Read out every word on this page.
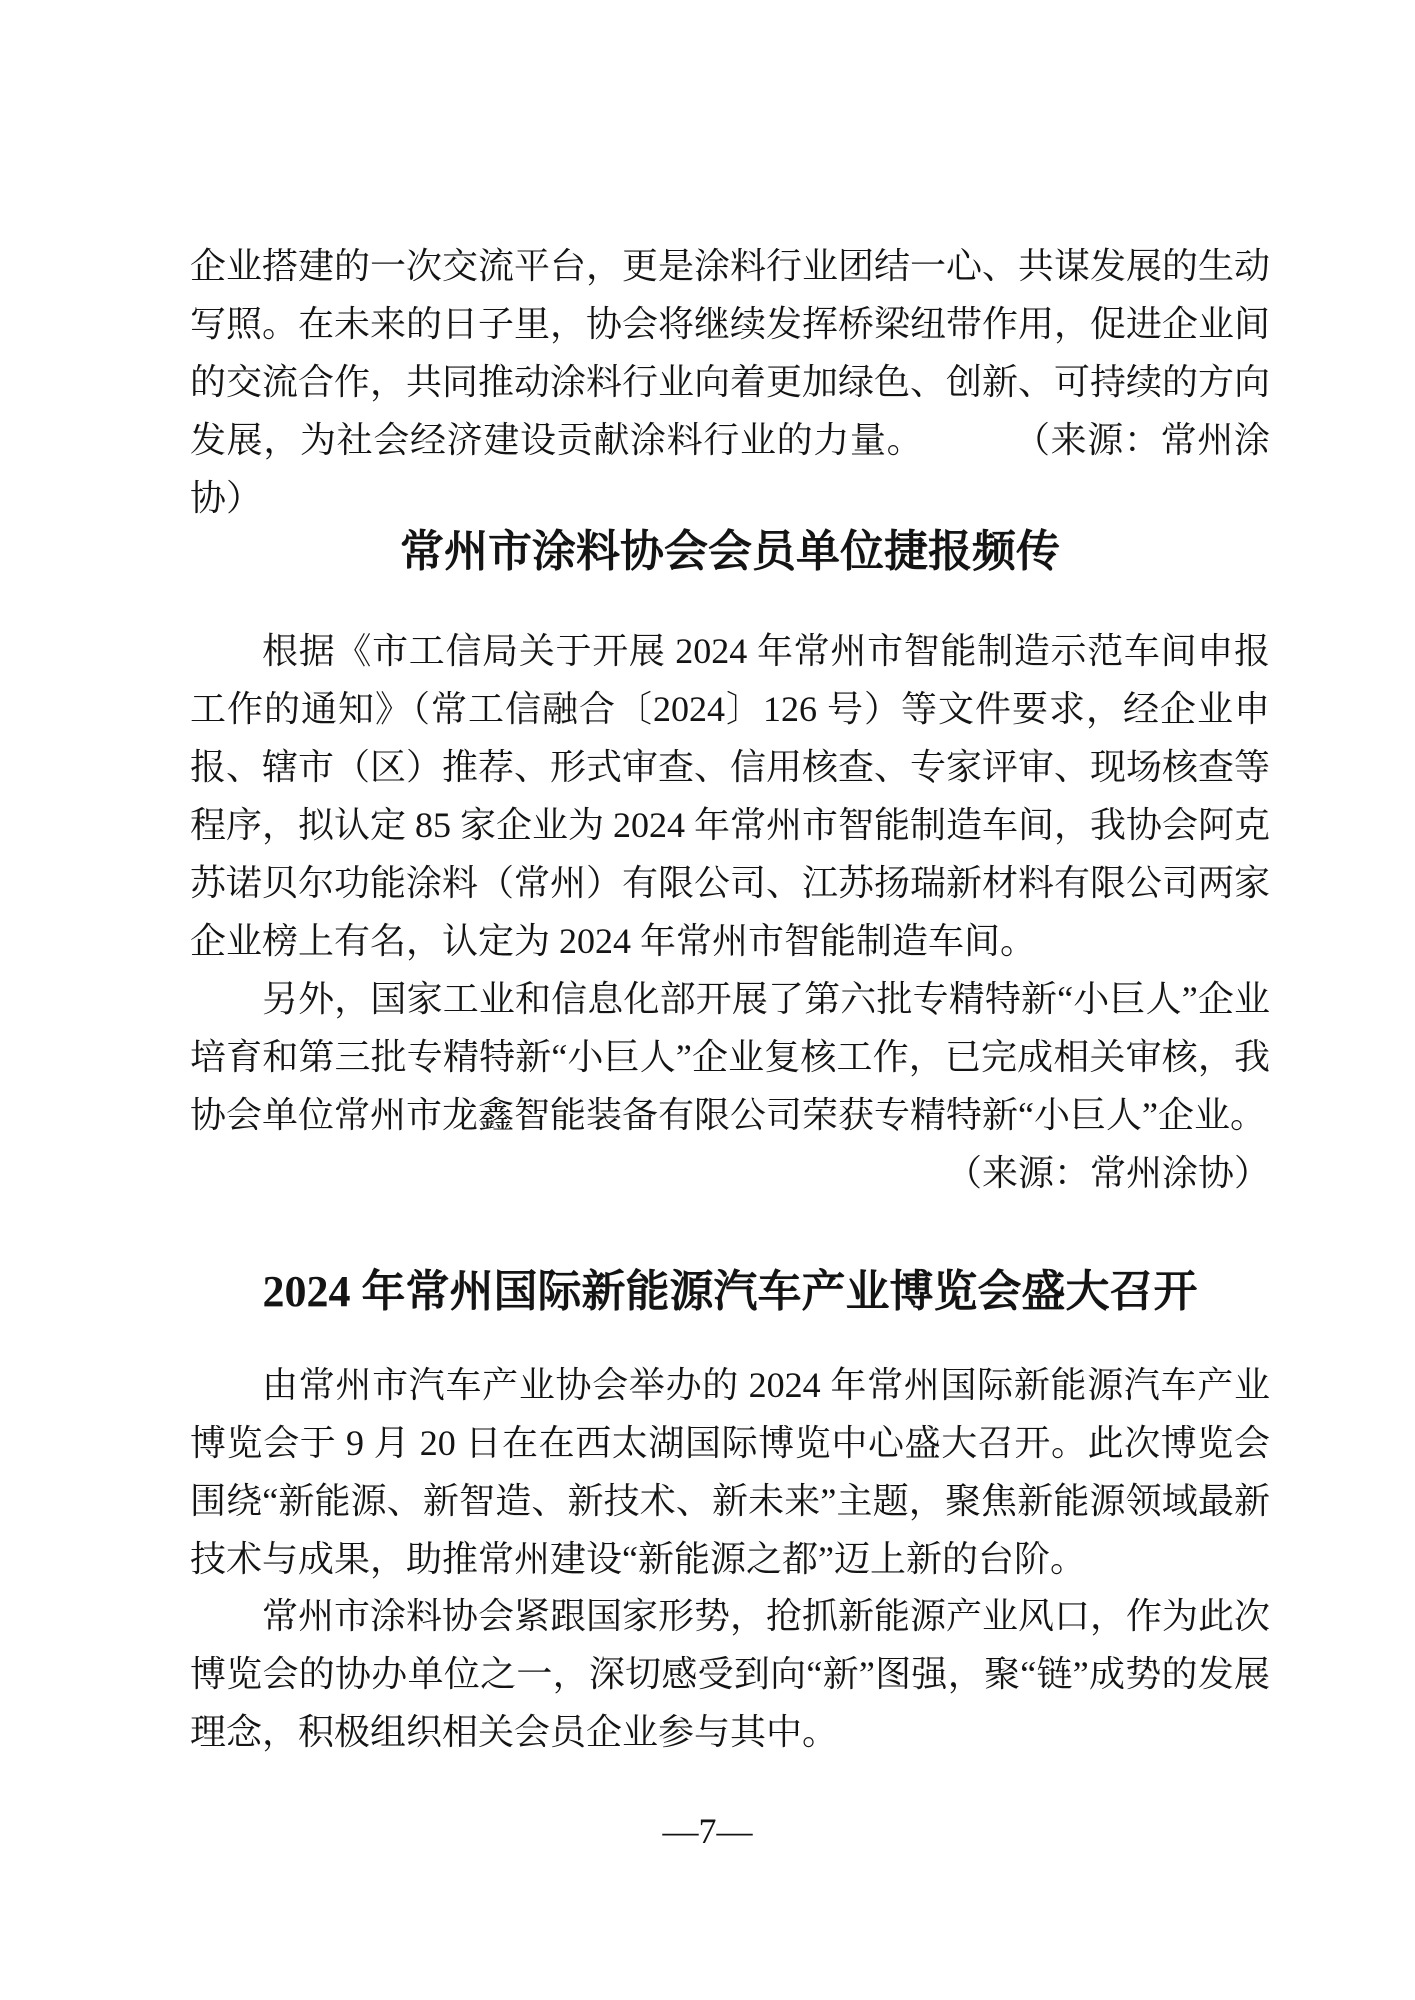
企业搭建的一次交流平台，更是涂料行业团结一心、共谋发展的生动写照。在未来的日子里，协会将继续发挥桥梁纽带作用，促进企业间的交流合作，共同推动涂料行业向着更加绿色、创新、可持续的方向发展，为社会经济建设贡献涂料行业的力量。	（来源：常州涂协）

常州市涂料协会会员单位捷报频传

根据《市工信局关于开展 2024 年常州市智能制造示范车间申报工作的通知》（常工信融合〔2024〕126 号）等文件要求，经企业申报、辖市（区）推荐、形式审查、信用核查、专家评审、现场核查等程序，拟认定 85 家企业为 2024 年常州市智能制造车间，我协会阿克苏诺贝尔功能涂料（常州）有限公司、江苏扬瑞新材料有限公司两家企业榜上有名，认定为 2024 年常州市智能制造车间。

另外，国家工业和信息化部开展了第六批专精特新“小巨人”企业培育和第三批专精特新“小巨人”企业复核工作，已完成相关审核，我协会单位常州市龙鑫智能装备有限公司荣获专精特新“小巨人”企业。

（来源：常州涂协）

2024 年常州国际新能源汽车产业博览会盛大召开

由常州市汽车产业协会举办的 2024 年常州国际新能源汽车产业博览会于 9 月 20 日在在西太湖国际博览中心盛大召开。此次博览会围绕“新能源、新智造、新技术、新未来”主题，聚焦新能源领域最新技术与成果，助推常州建设“新能源之都”迈上新的台阶。

常州市涂料协会紧跟国家形势，抢抓新能源产业风口，作为此次博览会的协办单位之一，深切感受到向“新”图强，聚“链”成势的发展理念，积极组织相关会员企业参与其中。

—7—
